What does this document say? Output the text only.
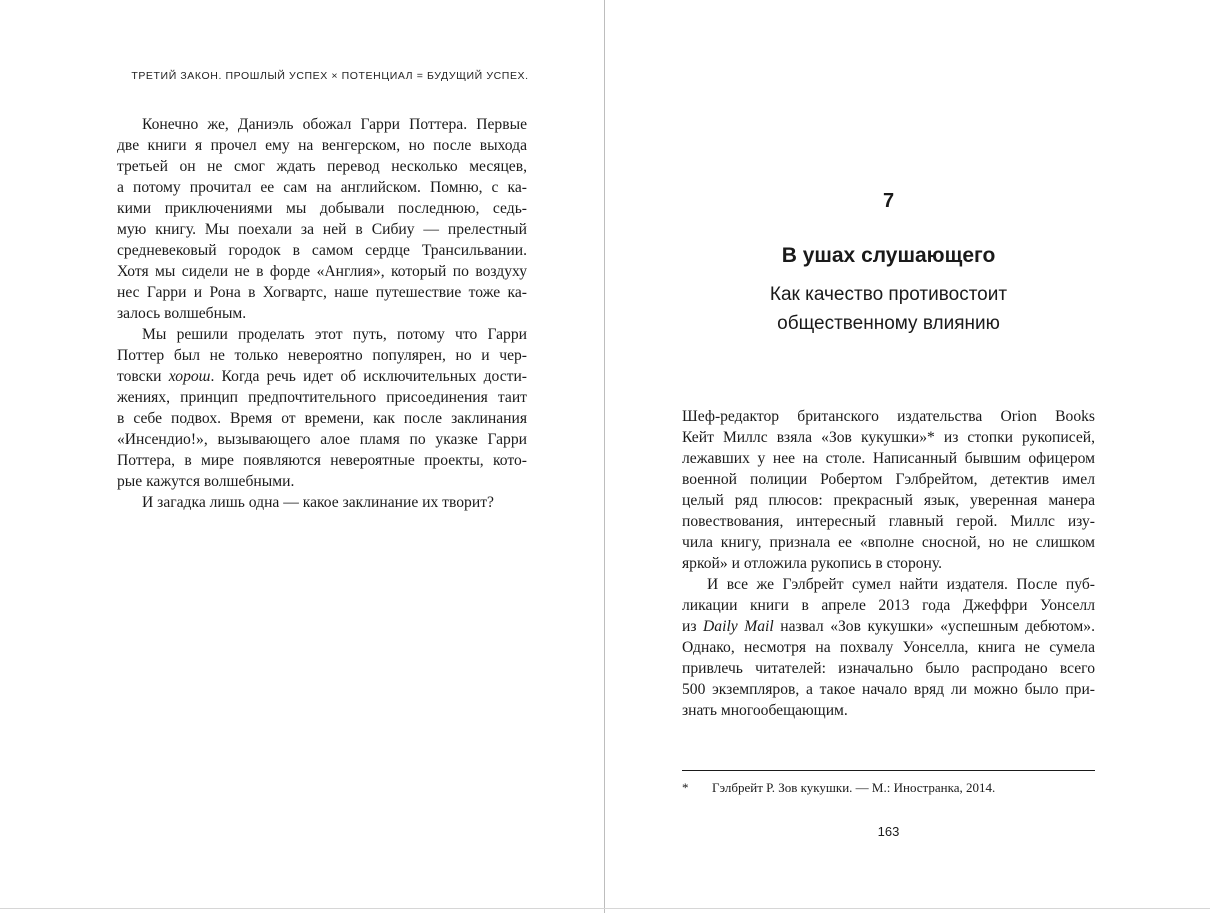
ТРЕТИЙ ЗАКОН. ПРОШЛЫЙ УСПЕХ × ПОТЕНЦИАЛ = БУДУЩИЙ УСПЕХ.
Конечно же, Даниэль обожал Гарри Поттера. Первые
две книги я прочел ему на венгерском, но после выхода
третьей он не смог ждать перевод несколько месяцев,
а потому прочитал ее сам на английском. Помню, с ка-
кими приключениями мы добывали последнюю, седь-
мую книгу. Мы поехали за ней в Сибиу — прелестный
средневековый городок в самом сердце Трансильвании.
Хотя мы сидели не в форде «Англия», который по воздуху
нес Гарри и Рона в Хогвартс, наше путешествие тоже ка-
залось волшебным.
Мы решили проделать этот путь, потому что Гарри
Поттер был не только невероятно популярен, но и чер-
товски хорош. Когда речь идет об исключительных дости-
жениях, принцип предпочтительного присоединения таит
в себе подвох. Время от времени, как после заклинания
«Инсендио!», вызывающего алое пламя по указке Гарри
Поттера, в мире появляются невероятные проекты, кото-
рые кажутся волшебными.
И загадка лишь одна — какое заклинание их творит?
7
В ушах слушающего
Как качество противостоит
общественному влиянию
Шеф-редактор британского издательства Orion Books
Кейт Миллс взяла «Зов кукушки»* из стопки рукописей,
лежавших у нее на столе. Написанный бывшим офицером
военной полиции Робертом Гэлбрейтом, детектив имел
целый ряд плюсов: прекрасный язык, уверенная манера
повествования, интересный главный герой. Миллс изу-
чила книгу, признала ее «вполне сносной, но не слишком
яркой» и отложила рукопись в сторону.
И все же Гэлбрейт сумел найти издателя. После пуб-
ликации книги в апреле 2013 года Джеффри Уонселл
из Daily Mail назвал «Зов кукушки» «успешным дебютом».
Однако, несмотря на похвалу Уонселла, книга не сумела
привлечь читателей: изначально было распродано всего
500 экземпляров, а такое начало вряд ли можно было при-
знать многообещающим.
* Гэлбрейт Р. Зов кукушки. — М.: Иностранка, 2014.
163
